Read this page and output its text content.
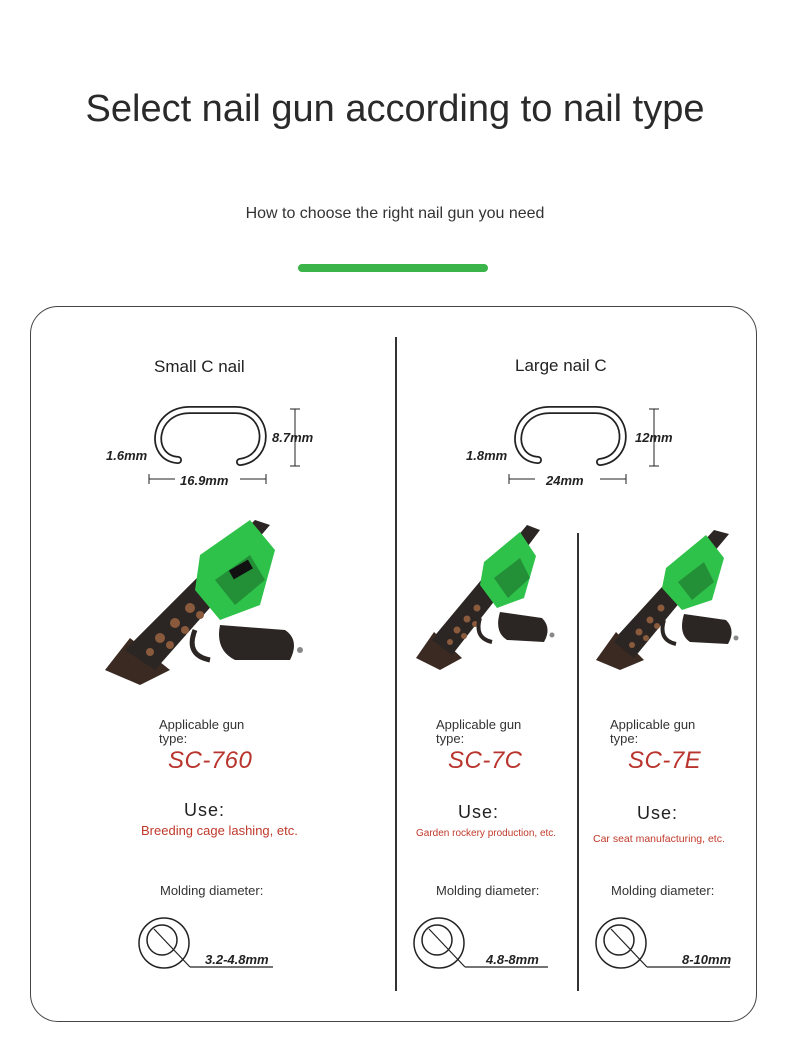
Select nail gun according to nail type
How to choose the right nail gun you need
Small C nail	Large nail C
1.6mm
8.7mm
16.9mm
1.8mm
12mm
24mm
Applicable gun type:
SC-760
Use:
Breeding cage lashing, etc.
Molding diameter:
3.2-4.8mm
Applicable gun type:
SC-7C
Use:
Garden rockery production, etc.
Molding diameter:
4.8-8mm
Applicable gun type:
SC-7E
Use:
Car seat manufacturing, etc.
Molding diameter:
8-10mm
